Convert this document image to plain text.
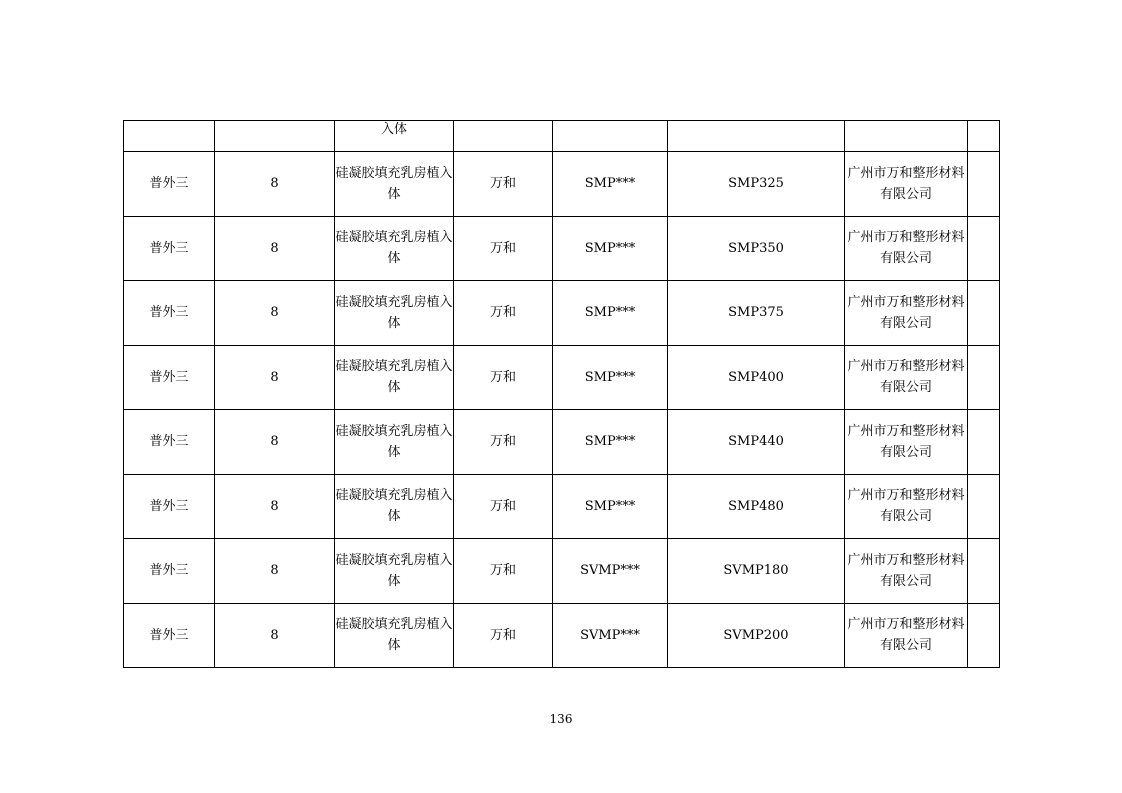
		入体					
普外三	8	硅凝胶填充乳房植入体	万和	SMP***	SMP325	广州市万和整形材料有限公司	
普外三	8	硅凝胶填充乳房植入体	万和	SMP***	SMP350	广州市万和整形材料有限公司	
普外三	8	硅凝胶填充乳房植入体	万和	SMP***	SMP375	广州市万和整形材料有限公司	
普外三	8	硅凝胶填充乳房植入体	万和	SMP***	SMP400	广州市万和整形材料有限公司	
普外三	8	硅凝胶填充乳房植入体	万和	SMP***	SMP440	广州市万和整形材料有限公司	
普外三	8	硅凝胶填充乳房植入体	万和	SMP***	SMP480	广州市万和整形材料有限公司	
普外三	8	硅凝胶填充乳房植入体	万和	SVMP***	SVMP180	广州市万和整形材料有限公司	
普外三	8	硅凝胶填充乳房植入体	万和	SVMP***	SVMP200	广州市万和整形材料有限公司	
136
